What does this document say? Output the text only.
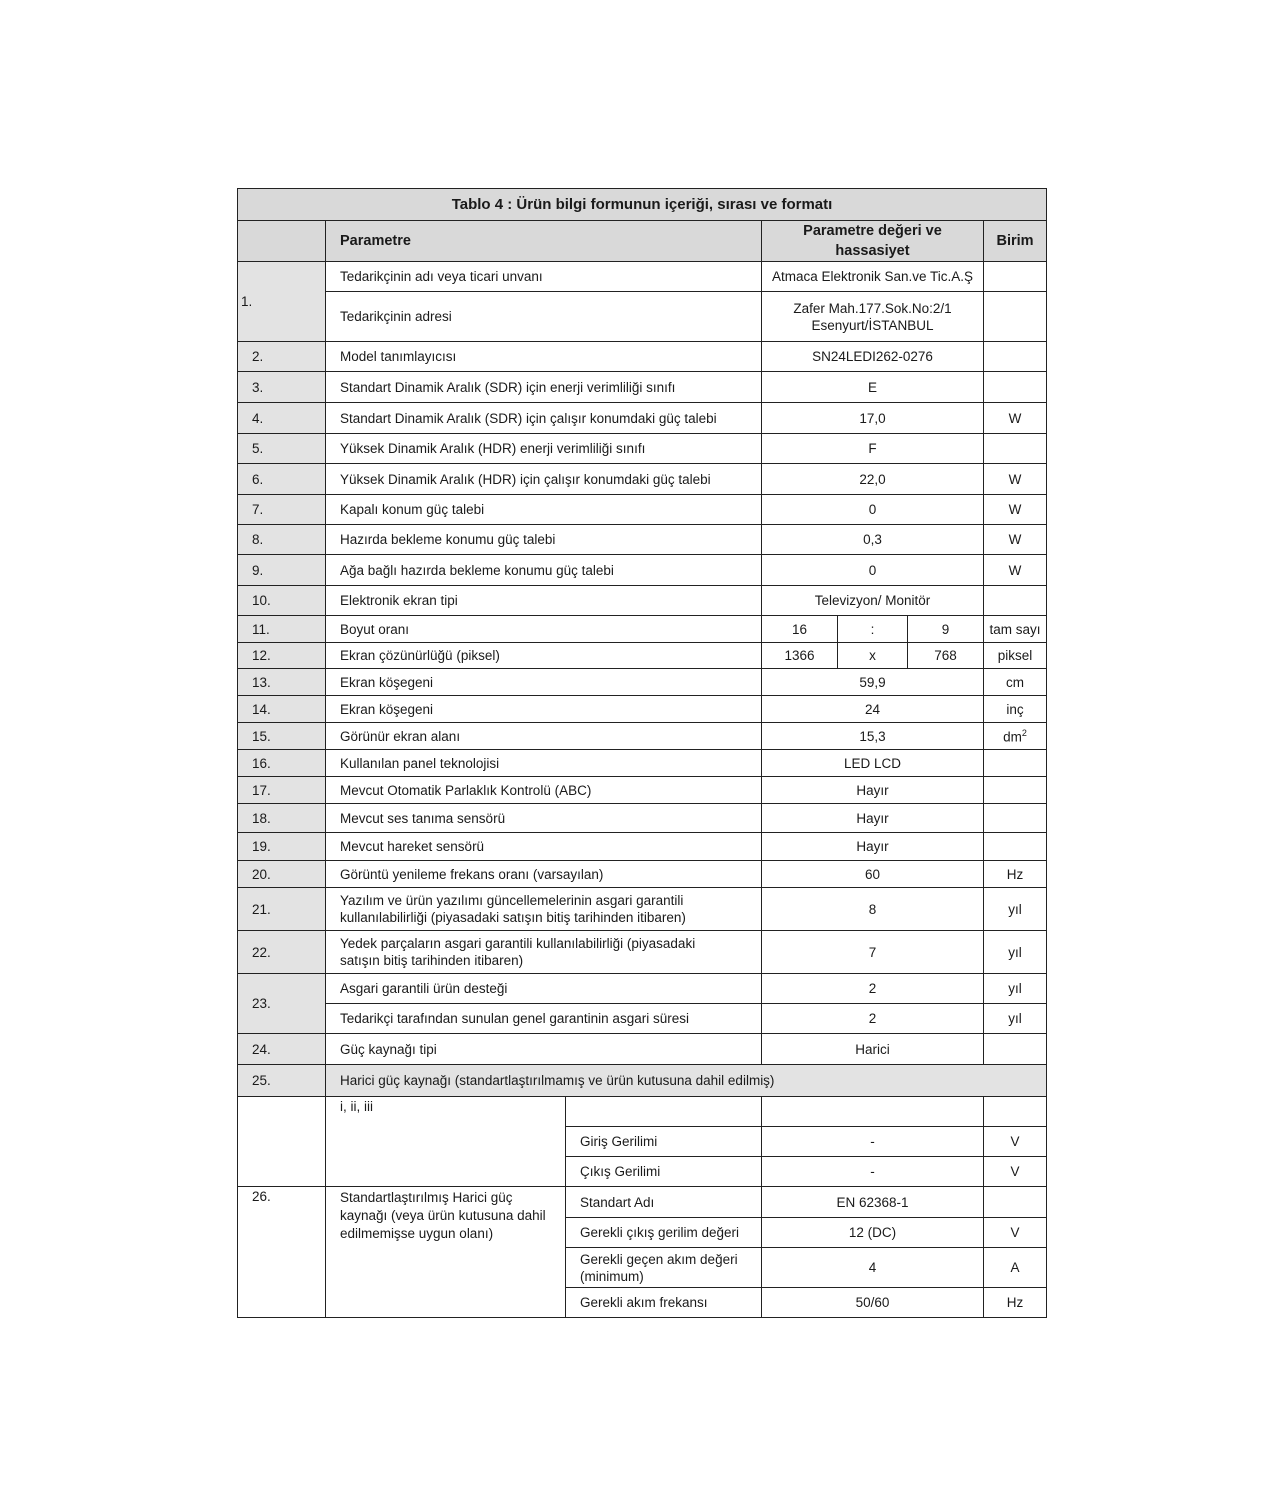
Tablo 4 : Ürün bilgi formunun içeriği, sırası ve formatı						
	Parametre		Parametre değeri ve hassasiyet			Birim
1.	Tedarikçinin adı veya ticari unvanı		Atmaca Elektronik San.ve Tic.A.Ş			
	Tedarikçinin adresi		Zafer Mah.177.Sok.No:2/1
Esenyurt/İSTANBUL			
2.	Model tanımlayıcısı		SN24LEDI262-0276			
3.	Standart Dinamik Aralık (SDR) için enerji verimliliği sınıfı		E			
4.	Standart Dinamik Aralık (SDR) için çalışır konumdaki güç talebi		17,0			W
5.	Yüksek Dinamik Aralık (HDR) enerji verimliliği sınıfı		F			
6.	Yüksek Dinamik Aralık (HDR) için çalışır konumdaki güç talebi		22,0			W
7.	Kapalı konum güç talebi		0			W
8.	Hazırda bekleme konumu güç talebi		0,3			W
9.	Ağa bağlı hazırda bekleme konumu güç talebi		0			W
10.	Elektronik ekran tipi		Televizyon/ Monitör			
11.	Boyut oranı		16	:	9	tam sayı
12.	Ekran çözünürlüğü (piksel)		1366	x	768	piksel
13.	Ekran köşegeni		59,9			cm
14.	Ekran köşegeni		24			inç
15.	Görünür ekran alanı		15,3			$dm^2$
16.	Kullanılan panel teknolojisi		LED LCD			
17.	Mevcut Otomatik Parlaklık Kontrolü (ABC)		Hayır			
18.	Mevcut ses tanıma sensörü		Hayır			
19.	Mevcut hareket sensörü		Hayır			
20.	Görüntü yenileme frekans oranı (varsayılan)		60			Hz
21.	Yazılım ve ürün yazılımı güncellemelerinin asgari garantili
kullanılabilirliği (piyasadaki satışın bitiş tarihinden itibaren)		8			yıl
22.	Yedek parçaların asgari garantili kullanılabilirliği (piyasadaki
satışın bitiş tarihinden itibaren)		7			yıl
23.	Asgari garantili ürün desteği		2			yıl
	Tedarikçi tarafından sunulan genel garantinin asgari süresi		2			yıl
24.	Güç kaynağı tipi		Harici			
25.	Harici güç kaynağı (standartlaştırılmamış ve ürün kutusuna dahil edilmiş)					
	i, ii, iii					
		Giriş Gerilimi	-			V
		Çıkış Gerilimi	-			V
26.	Standartlaştırılmış Harici güç
kaynağı (veya ürün kutusuna dahil
edilmemişse uygun olanı)	Standart Adı	EN 62368-1			
		Gerekli çıkış gerilim değeri	12 (DC)			V
		Gerekli geçen akım değeri
(minimum)	4			A
		Gerekli akım frekansı	50/60			Hz
